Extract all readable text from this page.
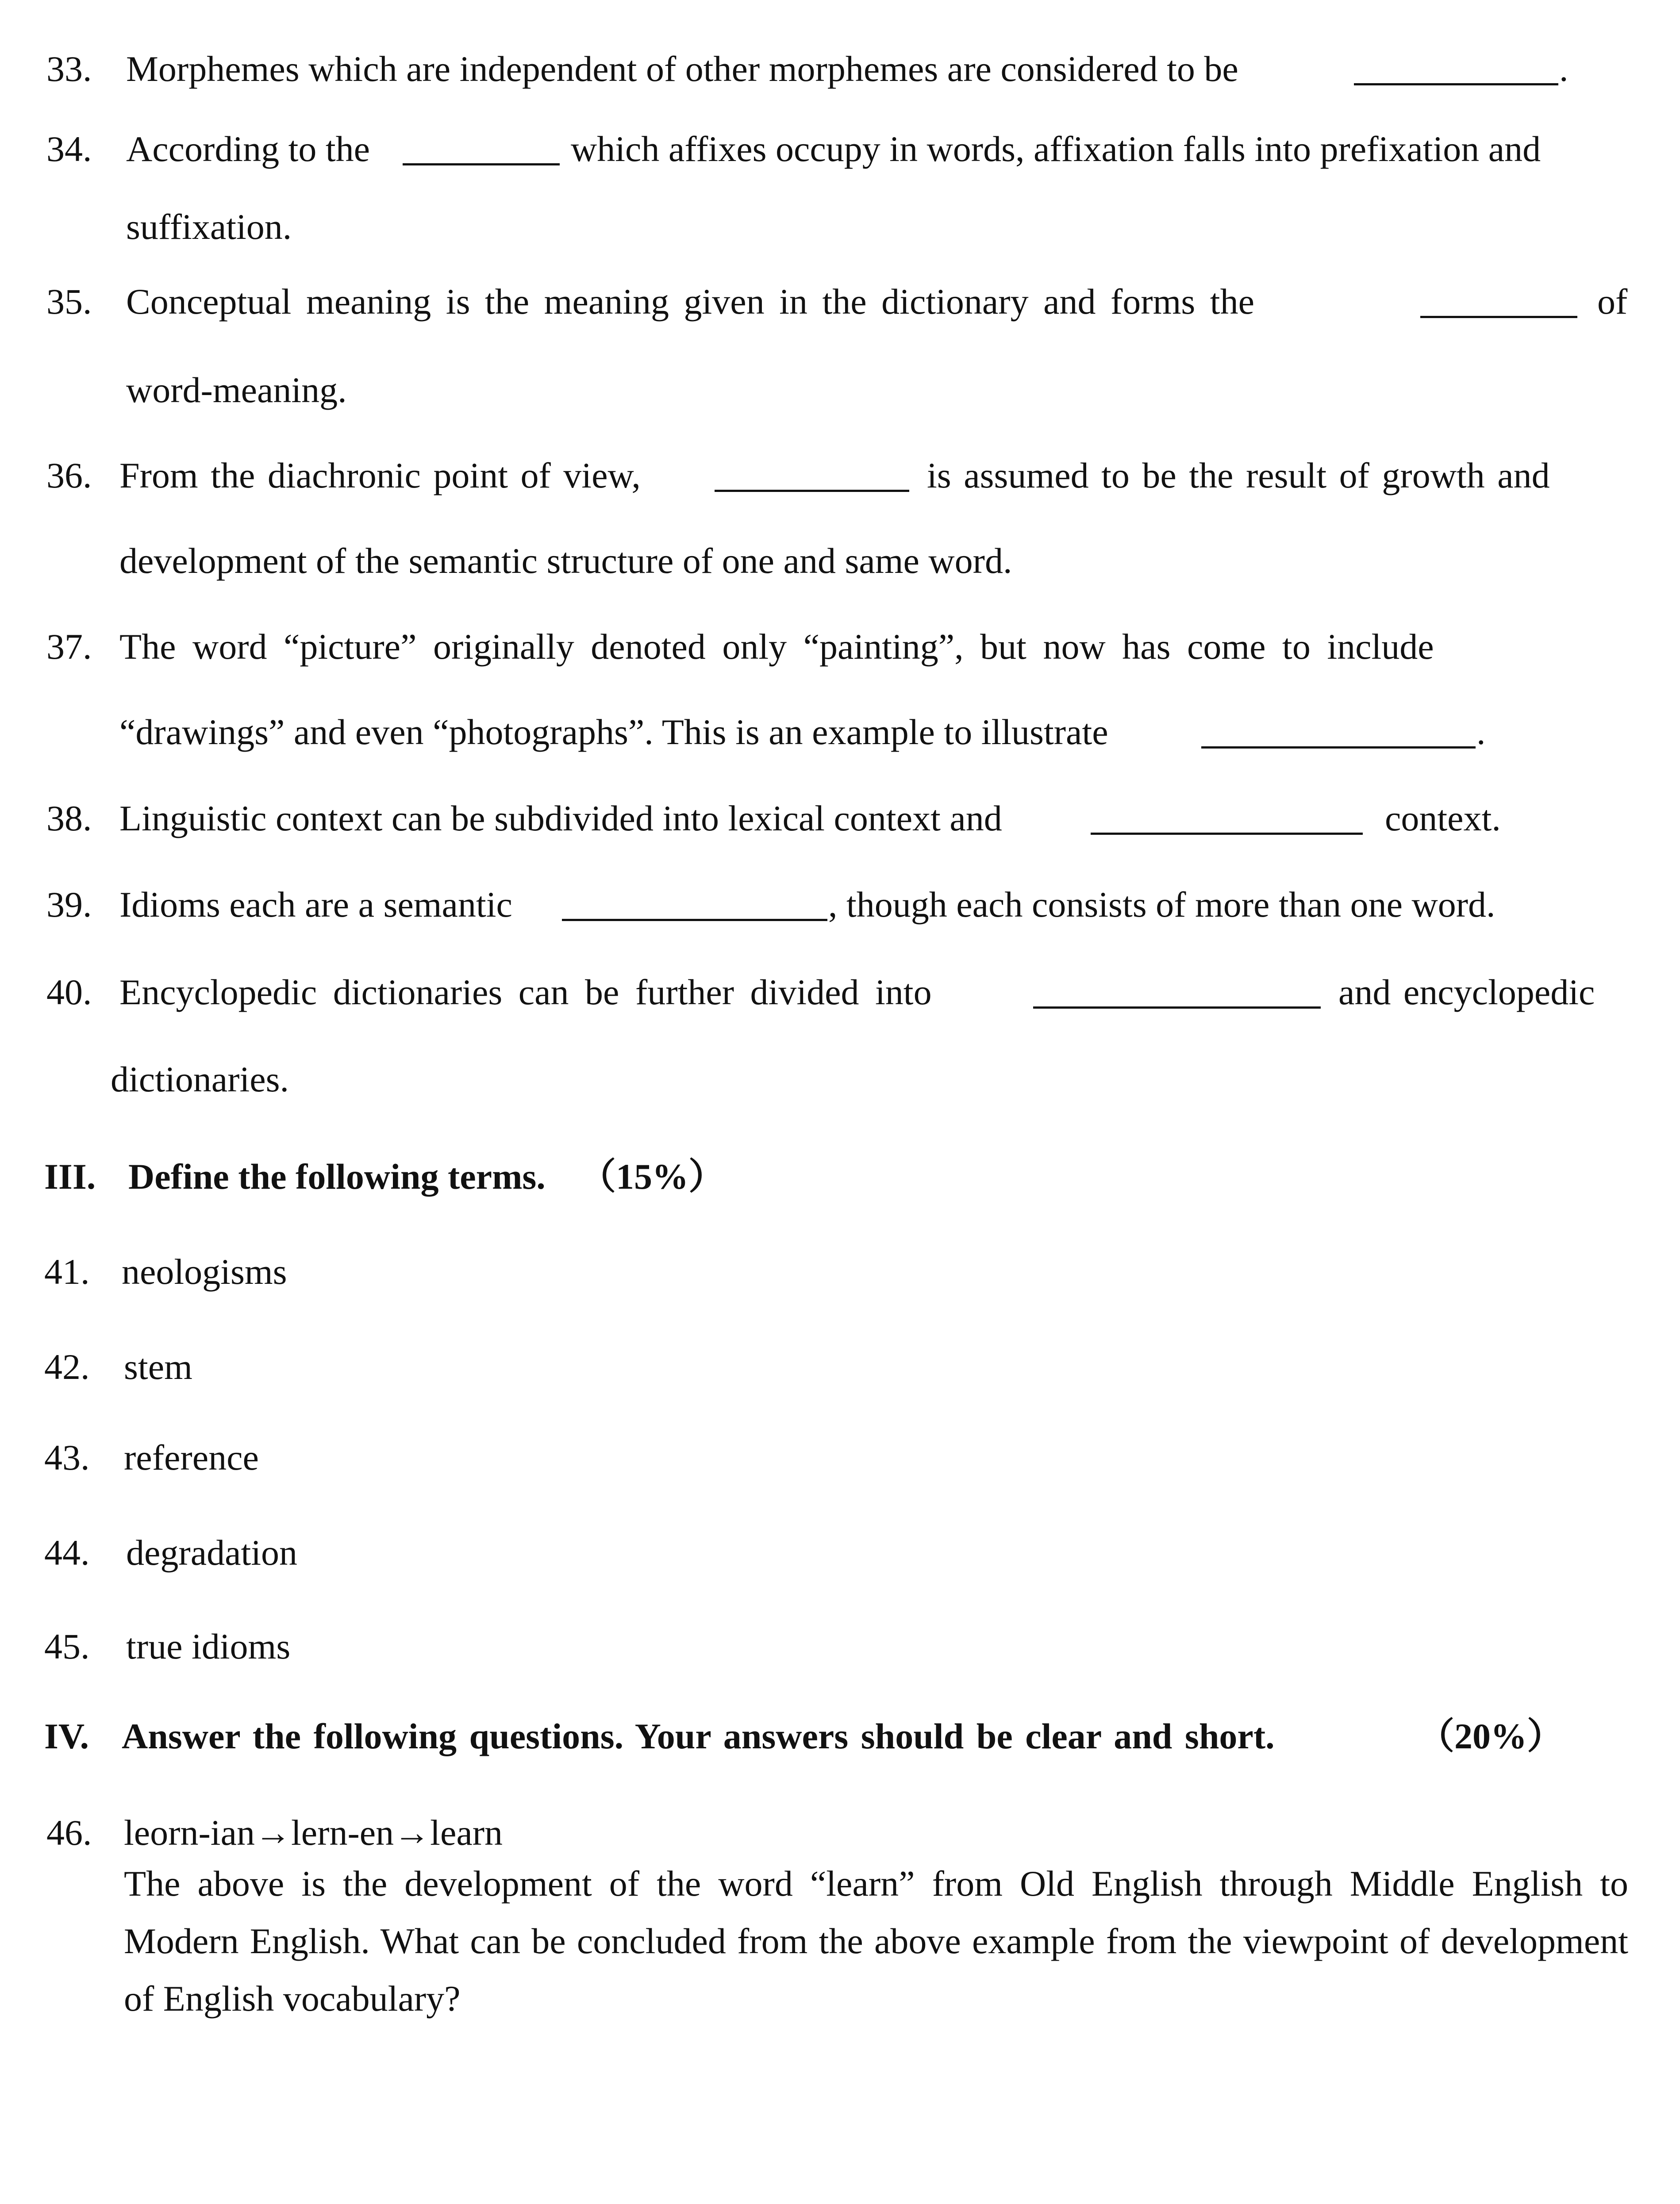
33. Morphemes which are independent of other morphemes are considered to be	.
34. According to the	which affixes occupy in words, affixation falls into prefixation and
suffixation.
35. Conceptual meaning is the meaning given in the dictionary and forms the	of
word-meaning.
36. From the diachronic point of view,	is assumed to be the result of growth and
development of the semantic structure of one and same word.
37. The word “picture” originally denoted only “painting”, but now has come to include
“drawings” and even “photographs”. This is an example to illustrate	.
38. Linguistic context can be subdivided into lexical context and	context.
39. Idioms each are a semantic	, though each consists of more than one word.
40. Encyclopedic dictionaries can be further divided into	and encyclopedic
dictionaries.
III. Define the following terms. （15%）
41. neologisms
42. stem
43. reference
44. degradation
45. true idioms
IV. Answer the following questions. Your answers should be clear and short.	（20%）
46. leorn-ian→lern-en→learn
The above is the development of the word “learn” from Old English through Middle English to Modern English. What can be concluded from the above example from the viewpoint of development of English vocabulary?
